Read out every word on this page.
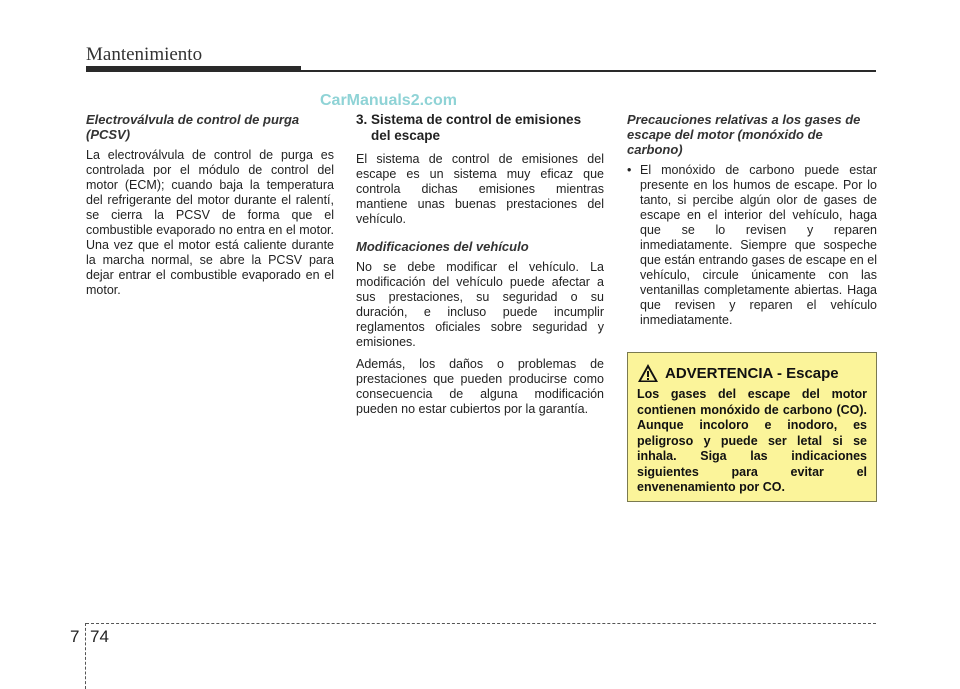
Mantenimiento
CarManuals2.com
Electroválvula de control de purga (PCSV)

La electroválvula de control de purga es controlada por el módulo de control del motor (ECM); cuando baja la temperatura del refrigerante del motor durante el ralentí, se cierra la PCSV de forma que el combustible evaporado no entra en el motor. Una vez que el motor está caliente durante la marcha normal, se abre la PCSV para dejar entrar el combustible evaporado en el motor.

3. Sistema de control de emisiones del escape

El sistema de control de emisiones del escape es un sistema muy eficaz que controla dichas emisiones mientras mantiene unas buenas prestaciones del vehículo.

Modificaciones del vehículo

No se debe modificar el vehículo. La modificación del vehículo puede afectar a sus prestaciones, su seguridad o su duración, e incluso puede incumplir reglamentos oficiales sobre seguridad y emisiones.

Además, los daños o problemas de prestaciones que pueden producirse como consecuencia de alguna modificación pueden no estar cubiertos por la garantía.

Precauciones relativas a los gases de escape del motor (monóxido de carbono)
• El monóxido de carbono puede estar presente en los humos de escape. Por lo tanto, si percibe algún olor de gases de escape en el interior del vehículo, haga que se lo revisen y reparen inmediatamente. Siempre que sospeche que están entrando gases de escape en el vehículo, circule únicamente con las ventanillas completamente abiertas. Haga que revisen y reparen el vehículo inmediatamente.
ADVERTENCIA - Escape
Los gases del escape del motor contienen monóxido de carbono (CO). Aunque incoloro e inodoro, es peligroso y puede ser letal si se inhala. Siga las indicaciones siguientes para evitar el envenenamiento por CO.
7 74
